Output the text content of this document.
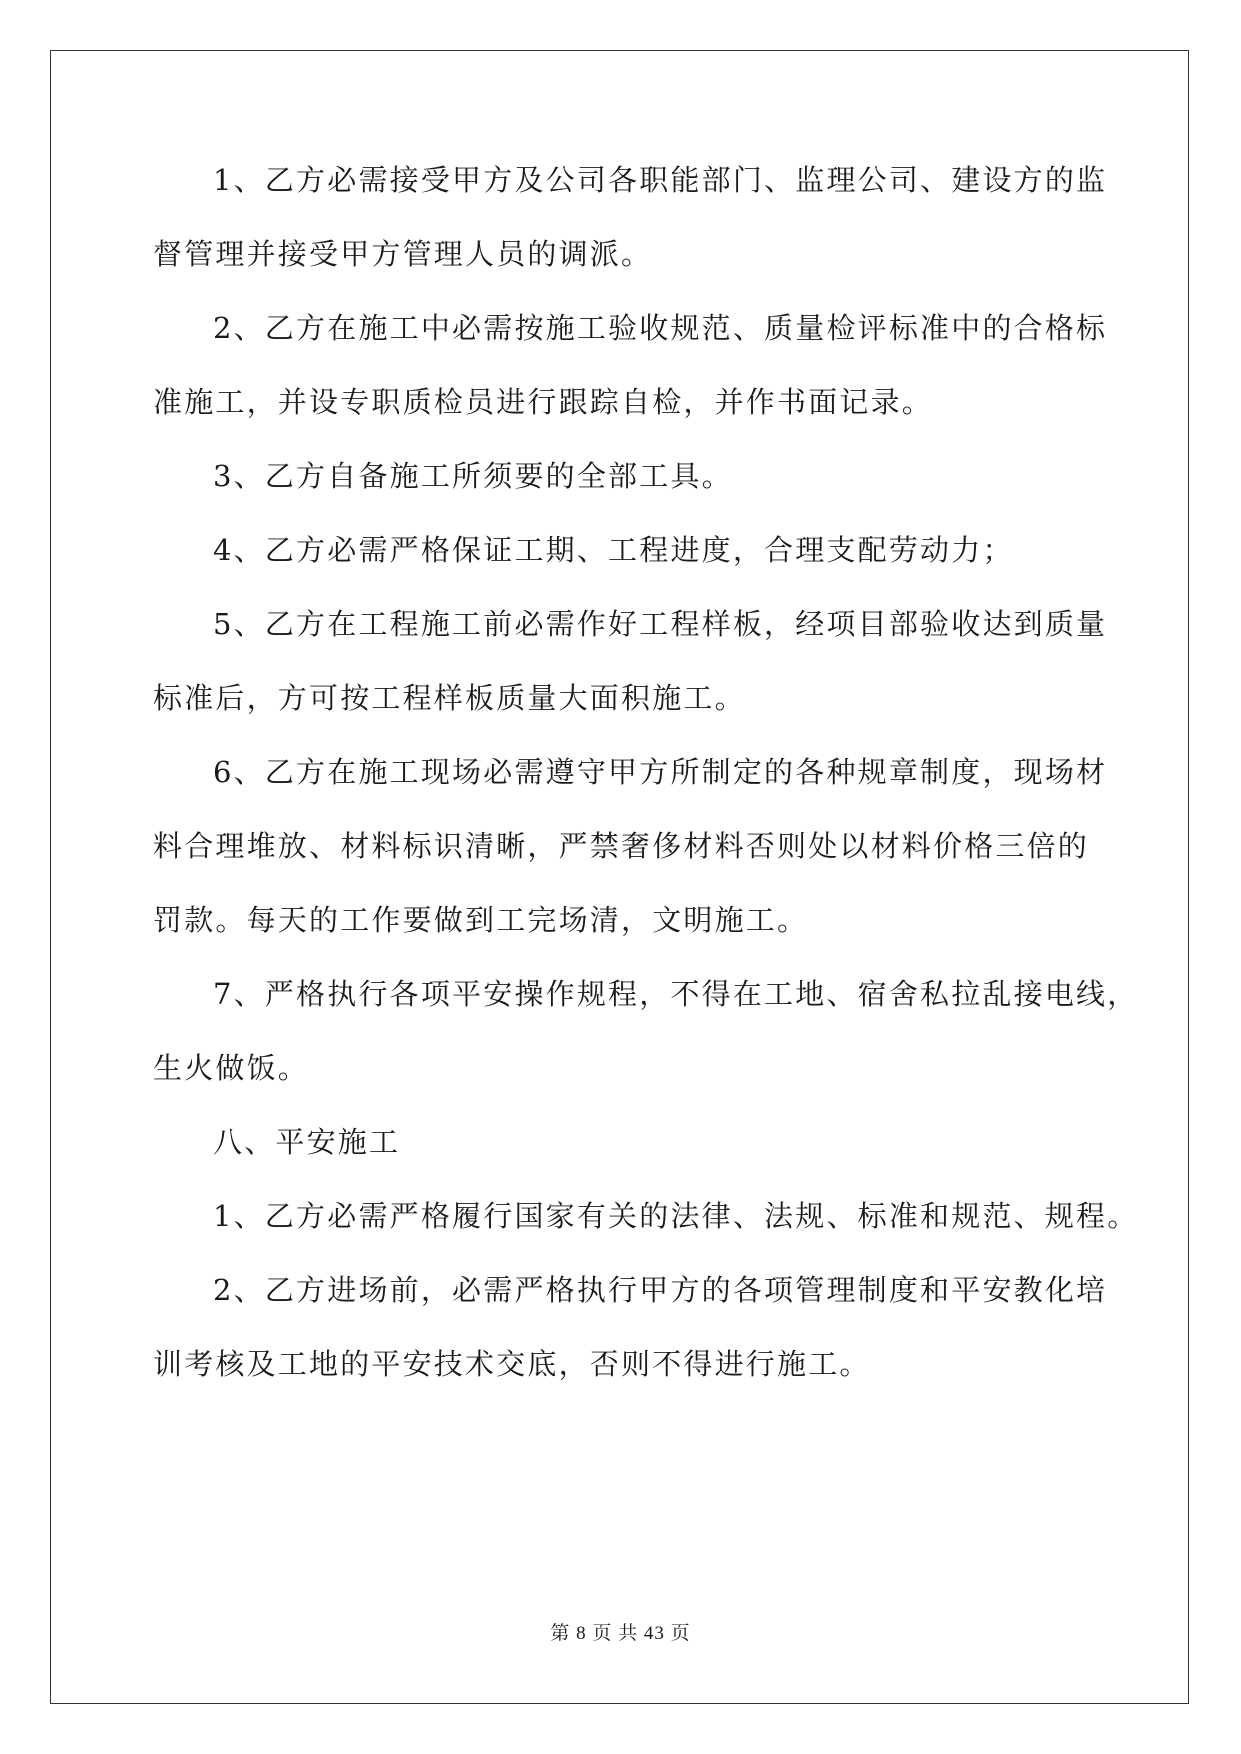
1、乙方必需接受甲方及公司各职能部门、监理公司、建设方的监
督管理并接受甲方管理人员的调派。
2、乙方在施工中必需按施工验收规范、质量检评标准中的合格标
准施工，并设专职质检员进行跟踪自检，并作书面记录。
3、乙方自备施工所须要的全部工具。
4、乙方必需严格保证工期、工程进度，合理支配劳动力；
5、乙方在工程施工前必需作好工程样板，经项目部验收达到质量
标准后，方可按工程样板质量大面积施工。
6、乙方在施工现场必需遵守甲方所制定的各种规章制度，现场材
料合理堆放、材料标识清晰，严禁奢侈材料否则处以材料价格三倍的
罚款。每天的工作要做到工完场清，文明施工。
7、严格执行各项平安操作规程，不得在工地、宿舍私拉乱接电线，
生火做饭。
八、平安施工
1、乙方必需严格履行国家有关的法律、法规、标准和规范、规程。
2、乙方进场前，必需严格执行甲方的各项管理制度和平安教化培
训考核及工地的平安技术交底，否则不得进行施工。
第 8 页 共 43 页
